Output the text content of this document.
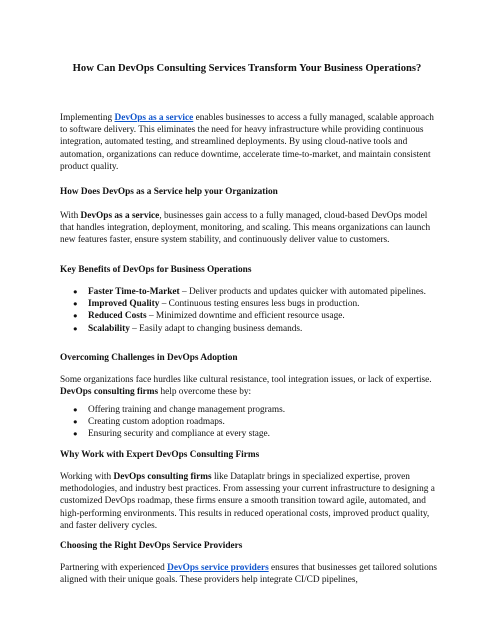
How Can DevOps Consulting Services Transform Your Business Operations?

Implementing DevOps as a service enables businesses to access a fully managed, scalable approach to software delivery. This eliminates the need for heavy infrastructure while providing continuous integration, automated testing, and streamlined deployments. By using cloud-native tools and automation, organizations can reduce downtime, accelerate time-to-market, and maintain consistent product quality.

How Does DevOps as a Service help your Organization

With DevOps as a service, businesses gain access to a fully managed, cloud-based DevOps model that handles integration, deployment, monitoring, and scaling. This means organizations can launch new features faster, ensure system stability, and continuously deliver value to customers.

Key Benefits of DevOps for Business Operations
● Faster Time-to-Market – Deliver products and updates quicker with automated pipelines.
● Improved Quality – Continuous testing ensures less bugs in production.
● Reduced Costs – Minimized downtime and efficient resource usage.
● Scalability – Easily adapt to changing business demands.
Overcoming Challenges in DevOps Adoption

Some organizations face hurdles like cultural resistance, tool integration issues, or lack of expertise. DevOps consulting firms help overcome these by:

● Offering training and change management programs.
● Creating custom adoption roadmaps.
● Ensuring security and compliance at every stage.
Why Work with Expert DevOps Consulting Firms

Working with DevOps consulting firms like Dataplatr brings in specialized expertise, proven methodologies, and industry best practices. From assessing your current infrastructure to designing a customized DevOps roadmap, these firms ensure a smooth transition toward agile, automated, and high-performing environments. This results in reduced operational costs, improved product quality, and faster delivery cycles.

Choosing the Right DevOps Service Providers

Partnering with experienced DevOps service providers ensures that businesses get tailored solutions aligned with their unique goals. These providers help integrate CI/CD pipelines,
